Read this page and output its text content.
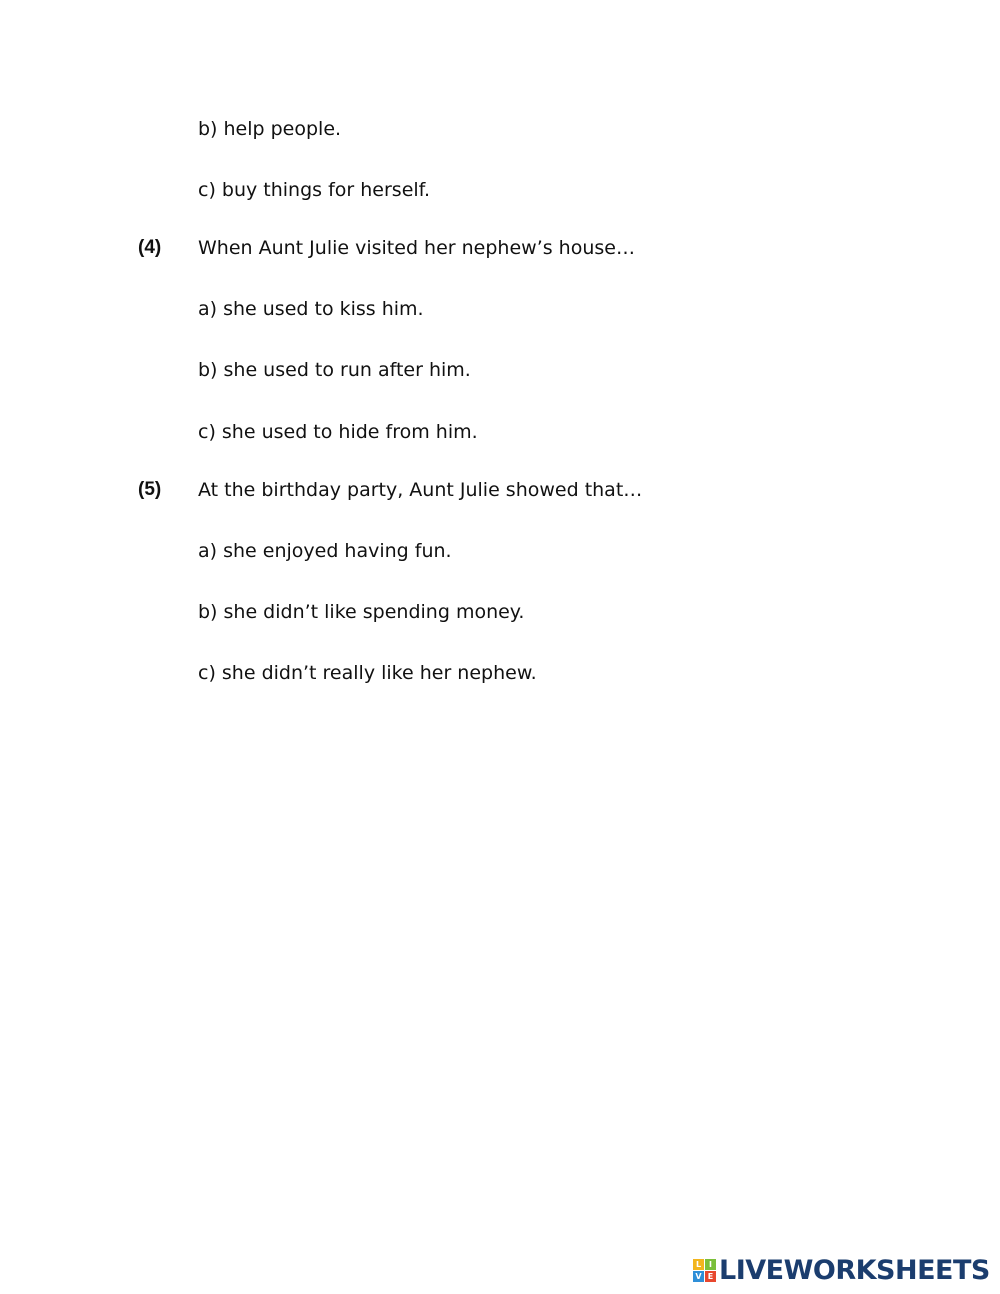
b) help people.
c) buy things for herself.
(4) When Aunt Julie visited her nephew’s house…
a) she used to kiss him.
b) she used to run after him.
c) she used to hide from him.
(5) At the birthday party, Aunt Julie showed that…
a) she enjoyed having fun.
b) she didn’t like spending money.
c) she didn’t really like her nephew.
L I
V E LIVEWORKSHEETS
